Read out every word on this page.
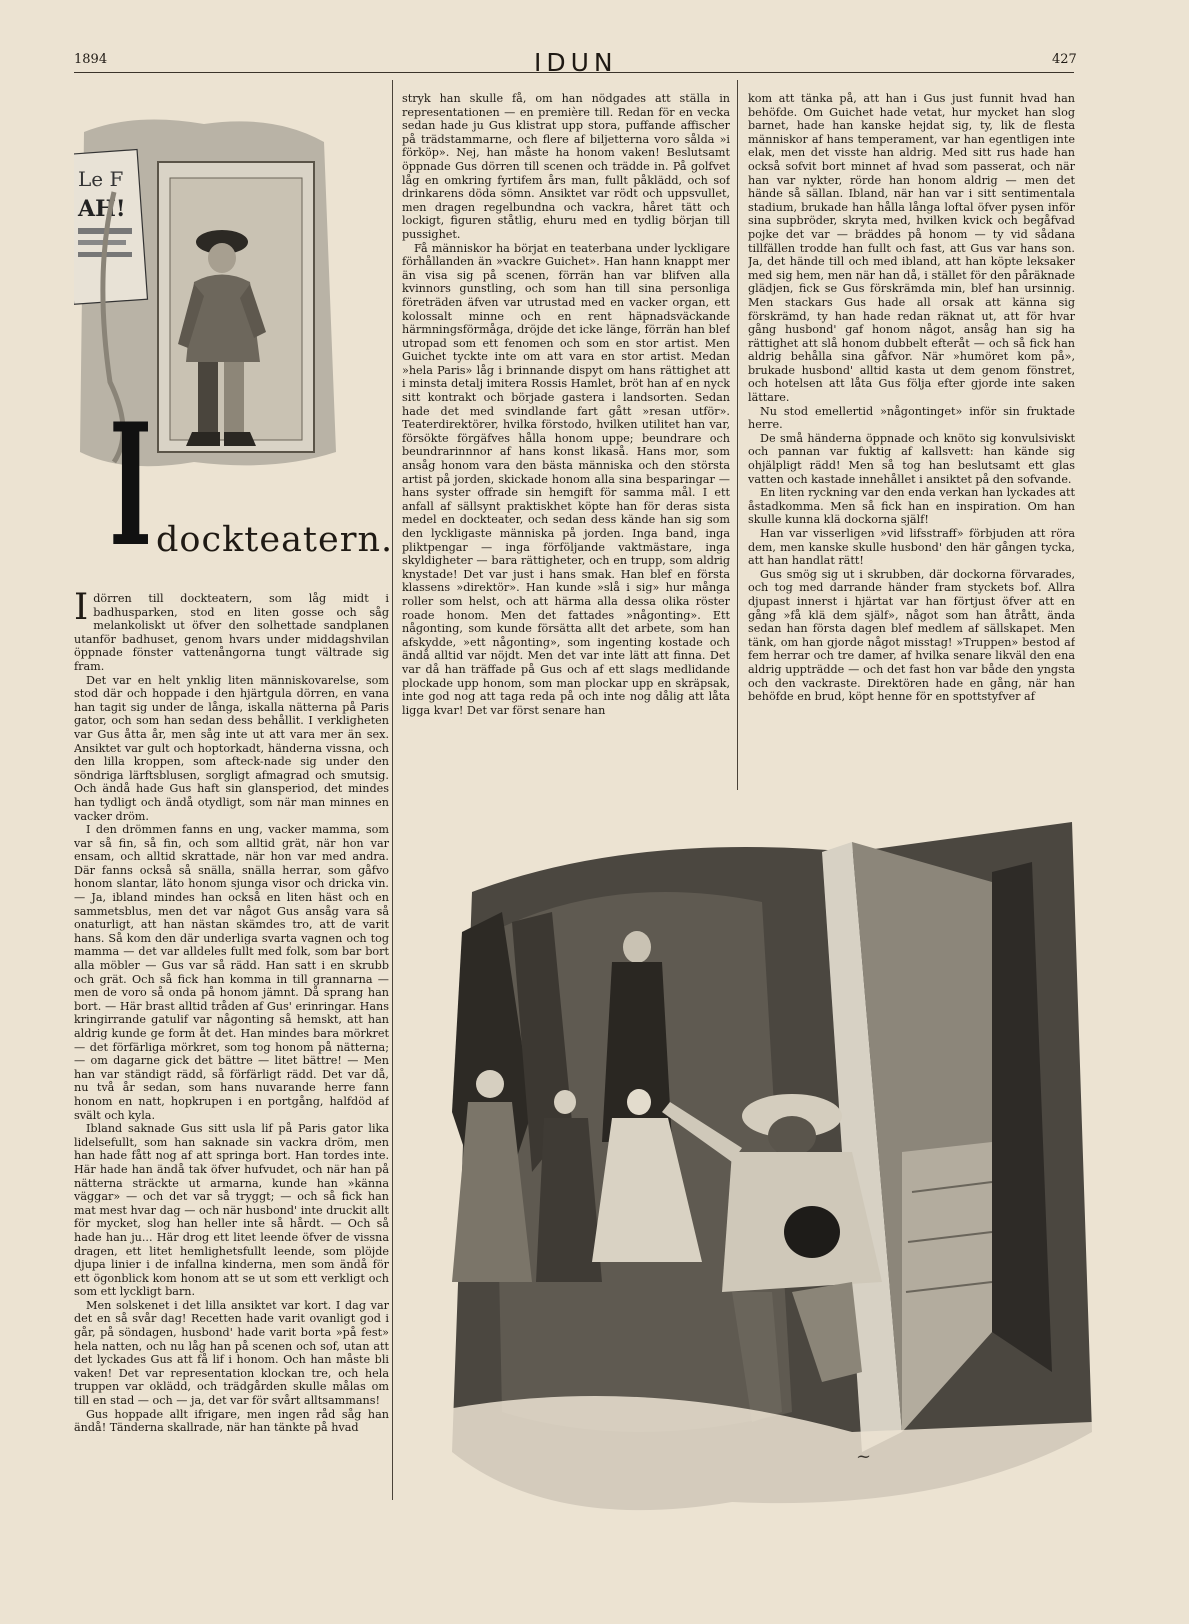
1894	IDUN	427
Le F
AH!
I dockteatern.

Idörren till dockteatern, som låg midt i badhusparken, stod en liten gosse och såg melankoliskt ut öfver den solhettade sandplanen utanför badhuset, genom hvars under middagshvilan öppnade fönster vattenångorna tungt vältrade sig fram.

Det var en helt ynklig liten människovarelse, som stod där och hoppade i den hjärtgula dörren, en vana han tagit sig under de långa, iskalla nätterna på Paris gator, och som han sedan dess behållit. I verkligheten var Gus åtta år, men såg inte ut att vara mer än sex. Ansiktet var gult och hoptorkadt, händerna vissna, och den lilla kroppen, som afteck-nade sig under den söndriga lärftsblusen, sorgligt afmagrad och smutsig. Och ändå hade Gus haft sin glansperiod, det mindes han tydligt och ändå otydligt, som när man minnes en vacker dröm.

I den drömmen fanns en ung, vacker mamma, som var så fin, så fin, och som alltid grät, när hon var ensam, och alltid skrattade, när hon var med andra. Där fanns också så snälla, snälla herrar, som gåfvo honom slantar, läto honom sjunga visor och dricka vin. — Ja, ibland mindes han också en liten häst och en sammetsblus, men det var något Gus ansåg vara så onaturligt, att han nästan skämdes tro, att de varit hans. Så kom den där underliga svarta vagnen och tog mamma — det var alldeles fullt med folk, som bar bort alla möbler — Gus var så rädd. Han satt i en skrubb och grät. Och så fick han komma in till grannarna — men de voro så onda på honom jämnt. Då sprang han bort. — Här brast alltid tråden af Gus' erinringar. Hans kringirrande gatulif var någonting så hemskt, att han aldrig kunde ge form åt det. Han mindes bara mörkret — det förfärliga mörkret, som tog honom på nätterna; — om dagarne gick det bättre — litet bättre! — Men han var ständigt rädd, så förfärligt rädd. Det var då, nu två år sedan, som hans nuvarande herre fann honom en natt, hopkrupen i en portgång, halfdöd af svält och kyla.

Ibland saknade Gus sitt usla lif på Paris gator lika lidelsefullt, som han saknade sin vackra dröm, men han hade fått nog af att springa bort. Han tordes inte. Här hade han ändå tak öfver hufvudet, och när han på nätterna sträckte ut armarna, kunde han »känna väggar» — och det var så tryggt; — och så fick han mat mest hvar dag — och när husbond' inte druckit allt för mycket, slog han heller inte så hårdt. — Och så hade han ju... Här drog ett litet leende öfver de vissna dragen, ett litet hemlighetsfullt leende, som plöjde djupa linier i de infallna kinderna, men som ändå för ett ögonblick kom honom att se ut som ett verkligt och som ett lyckligt barn.

Men solskenet i det lilla ansiktet var kort. I dag var det en så svår dag! Recetten hade varit ovanligt god i går, på söndagen, husbond' hade varit borta »på fest» hela natten, och nu låg han på scenen och sof, utan att det lyckades Gus att få lif i honom. Och han måste bli vaken! Det var representation klockan tre, och hela truppen var oklädd, och trädgården skulle målas om till en stad — och — ja, det var för svårt alltsammans!

Gus hoppade allt ifrigare, men ingen råd såg han ändå! Tänderna skallrade, när han tänkte på hvad

stryk han skulle få, om han nödgades att ställa in representationen — en première till. Redan för en vecka sedan hade ju Gus klistrat upp stora, puffande affischer på trädstammarne, och flere af biljetterna voro sålda »i förköp». Nej, han måste ha honom vaken! Beslutsamt öppnade Gus dörren till scenen och trädde in. På golfvet låg en omkring fyrtifem års man, fullt påklädd, och sof drinkarens döda sömn. Ansiktet var rödt och uppsvullet, men dragen regelbundna och vackra, håret tätt och lockigt, figuren ståtlig, ehuru med en tydlig början till pussighet.

Få människor ha börjat en teaterbana under lyckligare förhållanden än »vackre Guichet». Han hann knappt mer än visa sig på scenen, förrän han var blifven alla kvinnors gunstling, och som han till sina personliga företräden äfven var utrustad med en vacker organ, ett kolossalt minne och en rent häpnadsväckande härmningsförmåga, dröjde det icke länge, förrän han blef utropad som ett fenomen och som en stor artist. Men Guichet tyckte inte om att vara en stor artist. Medan »hela Paris» låg i brinnande dispyt om hans rättighet att i minsta detalj imitera Rossis Hamlet, bröt han af en nyck sitt kontrakt och började gastera i landsorten. Sedan hade det med svindlande fart gått »resan utför». Teaterdirektörer, hvilka förstodo, hvilken utilitet han var, försökte förgäfves hålla honom uppe; beundrare och beundrarinnnor af hans konst likaså. Hans mor, som ansåg honom vara den bästa människa och den största artist på jorden, skickade honom alla sina besparingar — hans syster offrade sin hemgift för samma mål. I ett anfall af sällsynt praktiskhet köpte han för deras sista medel en dockteater, och sedan dess kände han sig som den lyckligaste människa på jorden. Inga band, inga pliktpengar — inga förföljande vaktmästare, inga skyldigheter — bara rättigheter, och en trupp, som aldrig knystade! Det var just i hans smak. Han blef en första klassens »direktör». Han kunde »slå i sig» hur många roller som helst, och att härma alla dessa olika röster roade honom. Men det fattades »någonting». Ett någonting, som kunde försätta allt det arbete, som han afskydde, »ett någonting», som ingenting kostade och ändå alltid var nöjdt. Men det var inte lätt att finna. Det var då han träffade på Gus och af ett slags medlidande plockade upp honom, som man plockar upp en skräpsak, inte god nog att taga reda på och inte nog dålig att låta ligga kvar! Det var först senare han

kom att tänka på, att han i Gus just funnit hvad han behöfde. Om Guichet hade vetat, hur mycket han slog barnet, hade han kanske hejdat sig, ty, lik de flesta människor af hans temperament, var han egentligen inte elak, men det visste han aldrig. Med sitt rus hade han också sofvit bort minnet af hvad som passerat, och när han var nykter, rörde han honom aldrig — men det hände så sällan. Ibland, när han var i sitt sentimentala stadium, brukade han hålla långa loftal öfver pysen inför sina supbröder, skryta med, hvilken kvick och begåfvad pojke det var — bräddes på honom — ty vid sådana tillfällen trodde han fullt och fast, att Gus var hans son. Ja, det hände till och med ibland, att han köpte leksaker med sig hem, men när han då, i stället för den påräknade glädjen, fick se Gus förskrämda min, blef han ursinnig. Men stackars Gus hade all orsak att känna sig förskrämd, ty han hade redan räknat ut, att för hvar gång husbond' gaf honom något, ansåg han sig ha rättighet att slå honom dubbelt efteråt — och så fick han aldrig behålla sina gåfvor. När »humöret kom på», brukade husbond' alltid kasta ut dem genom fönstret, och hotelsen att låta Gus följa efter gjorde inte saken lättare.

Nu stod emellertid »någontinget» inför sin fruktade herre.

De små händerna öppnade och knöto sig konvulsiviskt och pannan var fuktig af kallsvett: han kände sig ohjälpligt rädd! Men så tog han beslutsamt ett glas vatten och kastade innehållet i ansiktet på den sofvande.

En liten ryckning var den enda verkan han lyckades att åstadkomma. Men så fick han en inspiration. Om han skulle kunna klä dockorna själf!

Han var visserligen »vid lifsstraff» förbjuden att röra dem, men kanske skulle husbond' den här gången tycka, att han handlat rätt!

Gus smög sig ut i skrubben, där dockorna förvarades, och tog med darrande händer fram styckets bof. Allra djupast innerst i hjärtat var han förtjust öfver att en gång »få klä dem själf», något som han åtrått, ända sedan han första dagen blef medlem af sällskapet. Men tänk, om han gjorde något misstag! »Truppen» bestod af fem herrar och tre damer, af hvilka senare likväl den ena aldrig uppträdde — och det fast hon var både den yngsta och den vackraste. Direktören hade en gång, när han behöfde en brud, köpt henne för en spottstyfver af

~
